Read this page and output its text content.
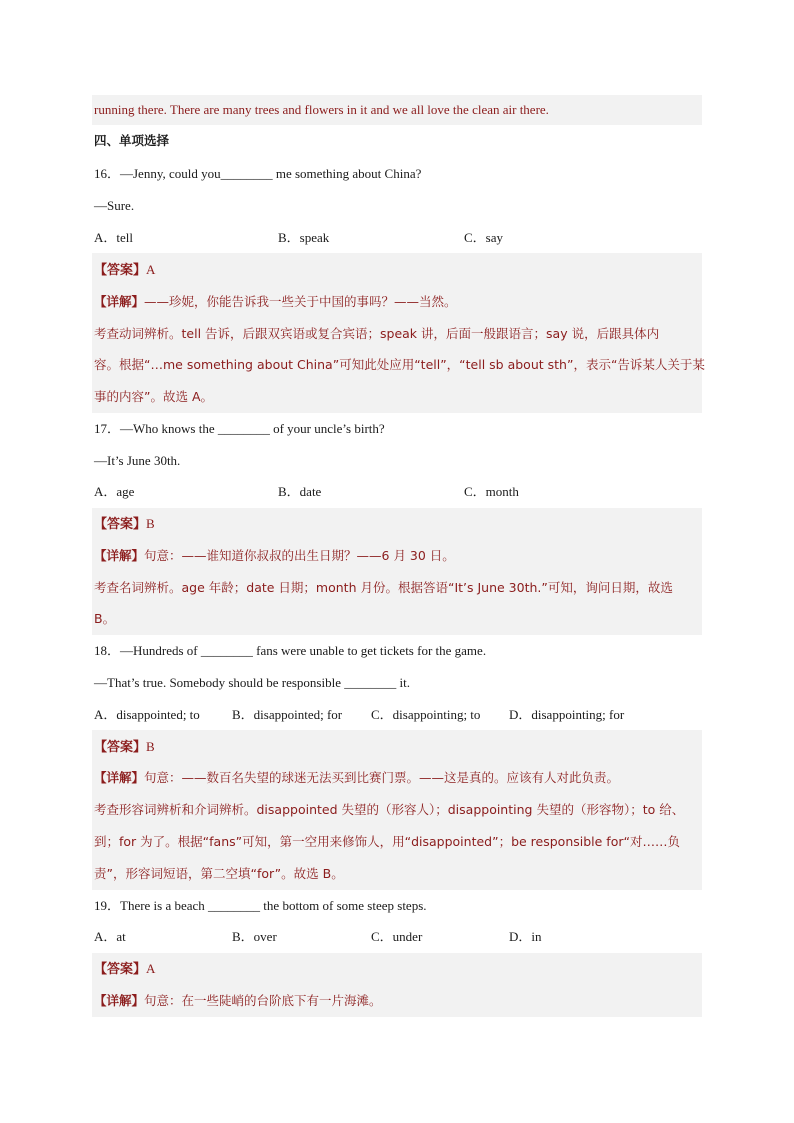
running there. There are many trees and flowers in it and we all love the clean air there.
四、单项选择
16．—Jenny, could you________ me something about China?
—Sure.
A．tell	B．speak	C．say
【答案】A
【详解】——珍妮，你能告诉我一些关于中国的事吗？——当然。
考查动词辨析。tell 告诉，后跟双宾语或复合宾语；speak 讲，后面一般跟语言；say 说，后跟具体内
容。根据“…me something about China”可知此处应用“tell”，“tell sb about sth”，表示“告诉某人关于某
事的内容”。故选 A。
17．—Who knows the ________ of your uncle’s birth?
—It’s June 30th.
A．age	B．date	C．month
【答案】B
【详解】句意：——谁知道你叔叔的出生日期？——6 月 30 日。
考查名词辨析。age 年龄；date 日期；month 月份。根据答语“It’s June 30th.”可知，询问日期，故选
B。
18．—Hundreds of ________ fans were unable to get tickets for the game.
—That’s true. Somebody should be responsible ________ it.
A．disappointed; to B．disappointed; for C．disappointing; to D．disappointing; for
【答案】B
【详解】句意：——数百名失望的球迷无法买到比赛门票。——这是真的。应该有人对此负责。
考查形容词辨析和介词辨析。disappointed 失望的（形容人）；disappointing 失望的（形容物）；to 给、
到；for 为了。根据“fans”可知，第一空用来修饰人，用“disappointed”；be responsible for“对……负
责”，形容词短语，第二空填“for”。故选 B。
19．There is a beach ________ the bottom of some steep steps.
A．at	B．over	C．under	D．in
【答案】A
【详解】句意：在一些陡峭的台阶底下有一片海滩。
